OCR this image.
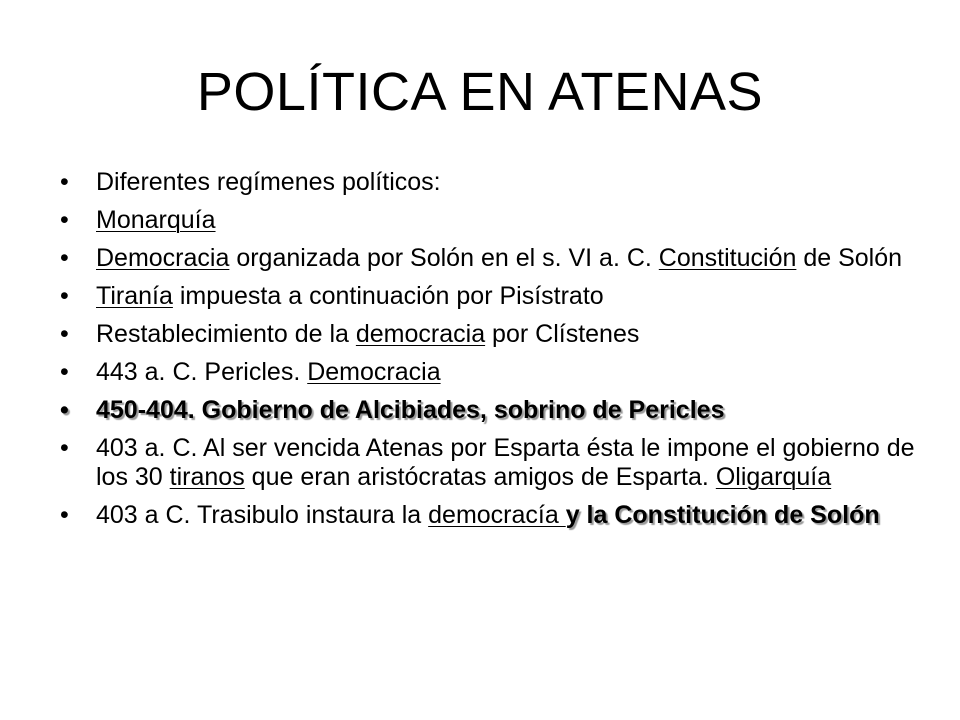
POLÍTICA EN ATENAS
• Diferentes regímenes políticos:
• Monarquía
• Democracia organizada por Solón en el s. VI a. C. Constitución de Solón
• Tiranía impuesta a continuación por Pisístrato
• Restablecimiento de la democracia por Clístenes
• 443 a. C. Pericles. Democracia
• 450-404. Gobierno de Alcibiades, sobrino de Pericles
• 403 a. C. Al ser vencida Atenas por Esparta ésta le impone el gobierno de los 30 tiranos que eran aristócratas amigos de Esparta. Oligarquía
• 403 a C. Trasibulo instaura la democracía y la Constitución de Solón
